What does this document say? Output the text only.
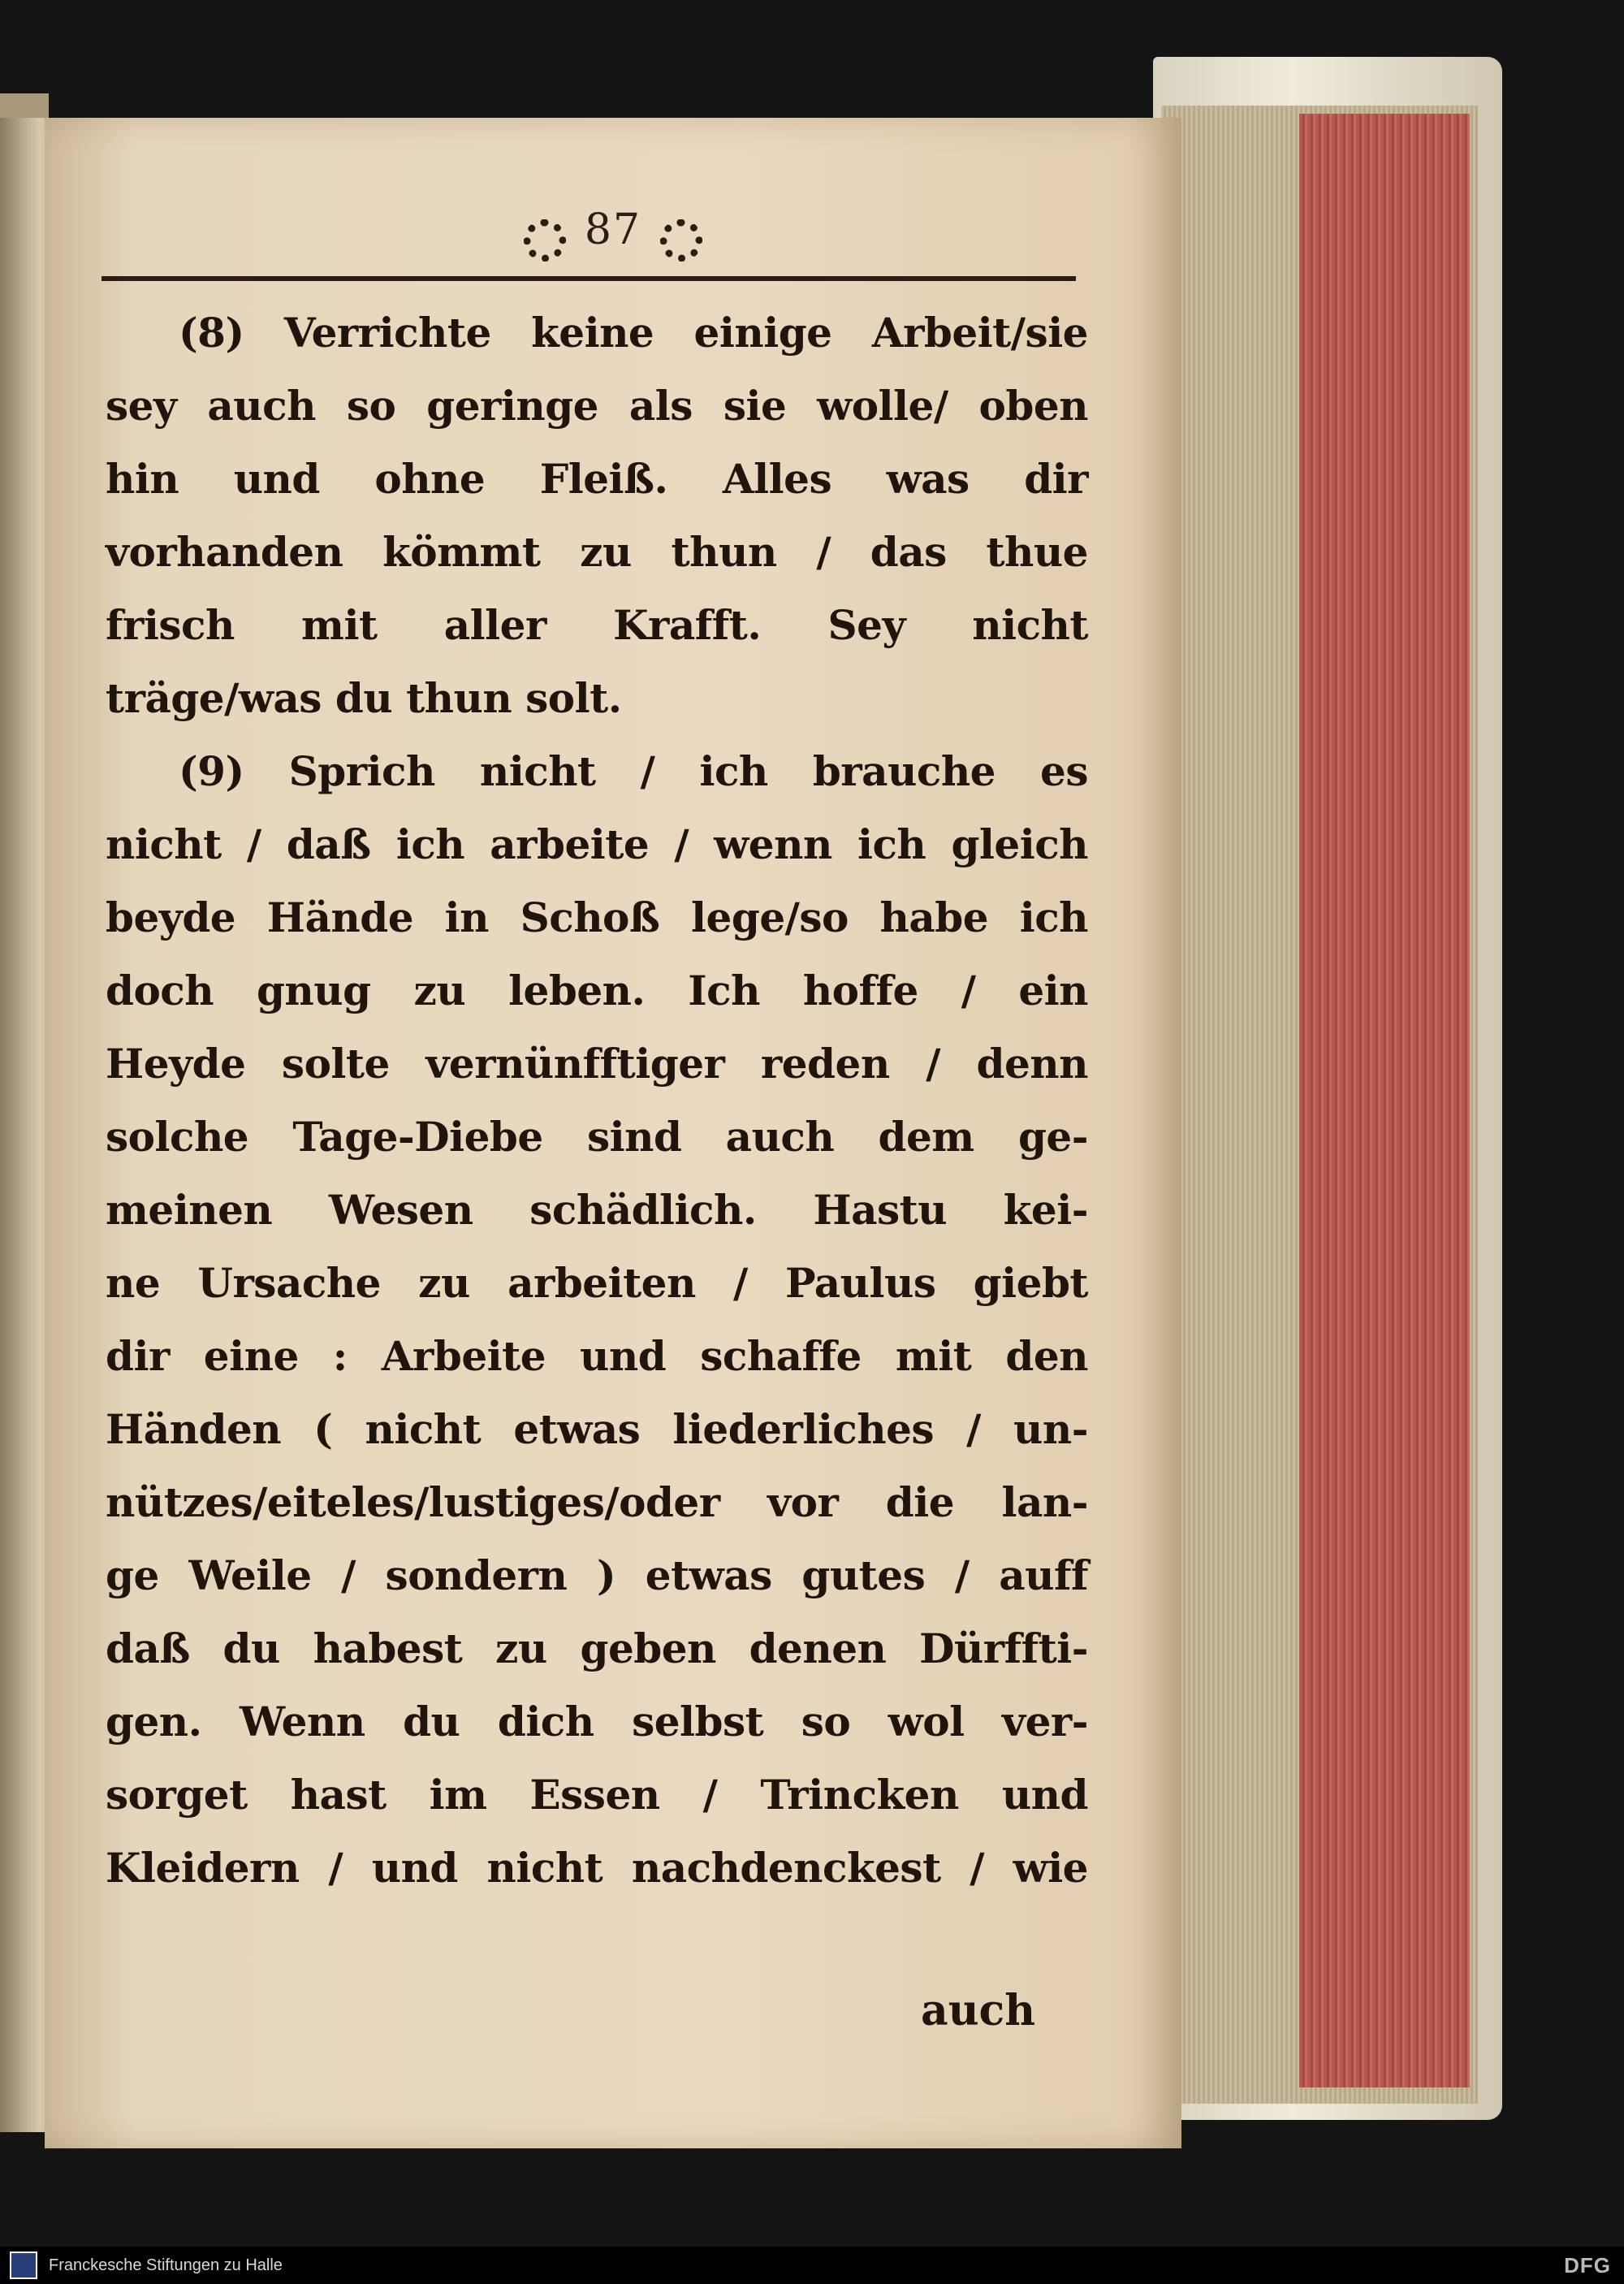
87

(8) Verrichte keine einige Arbeit/sie

sey auch so geringe als sie wolle/ oben

hin und ohne Fleiß. Alles was dir

vorhanden kömmt zu thun / das thue

frisch mit aller Krafft. Sey nicht

träge/was du thun solt.

(9) Sprich nicht / ich brauche es

nicht / daß ich arbeite / wenn ich gleich

beyde Hände in Schoß lege/so habe ich

doch gnug zu leben. Ich hoffe / ein

Heyde solte vernünfftiger reden / denn

solche Tage-Diebe sind auch dem ge-

meinen Wesen schädlich. Hastu kei-

ne Ursache zu arbeiten / Paulus giebt

dir eine : Arbeite und schaffe mit den

Händen ( nicht etwas liederliches / un-

nützes/eiteles/lustiges/oder vor die lan-

ge Weile / sondern ) etwas gutes / auff

daß du habest zu geben denen Dürffti-

gen. Wenn du dich selbst so wol ver-

sorget hast im Essen / Trincken und

Kleidern / und nicht nachdenckest / wie

auch
Franckesche Stiftungen zu Halle	DFG
